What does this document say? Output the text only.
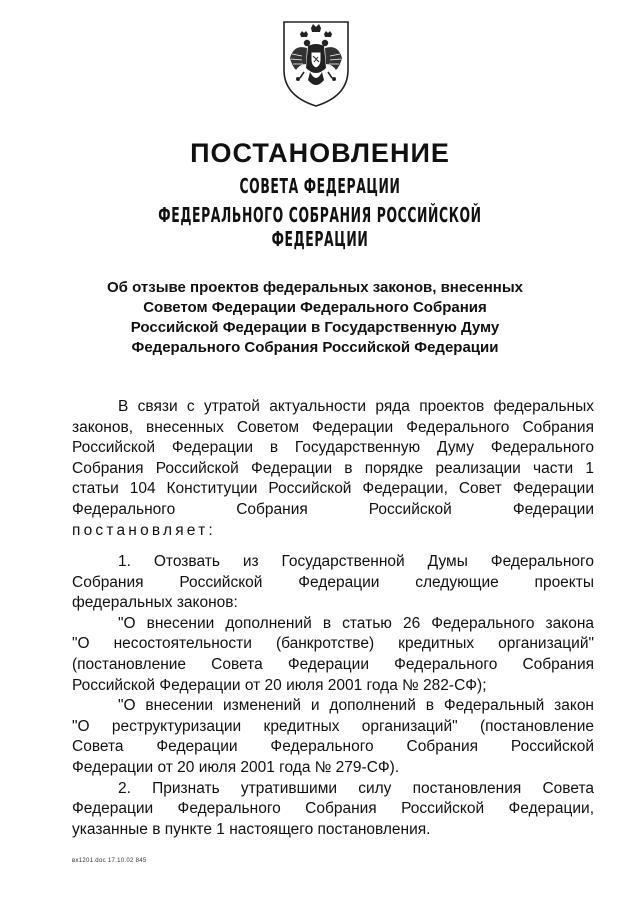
ПОСТАНОВЛЕНИЕ
СОВЕТА ФЕДЕРАЦИИ
ФЕДЕРАЛЬНОГО СОБРАНИЯ РОССИЙСКОЙ ФЕДЕРАЦИИ
Об отзыве проектов федеральных законов, внесенных
Советом Федерации Федерального Собрания
Российской Федерации в Государственную Думу
Федерального Собрания Российской Федерации
В связи с утратой актуальности ряда проектов федеральных
законов, внесенных Советом Федерации Федерального Собрания
Российской Федерации в Государственную Думу Федерального
Собрания Российской Федерации в порядке реализации части 1
статьи 104 Конституции Российской Федерации, Совет Федерации
Федерального Собрания Российской Федерации
постановляет:
1. Отозвать из Государственной Думы Федерального
Собрания Российской Федерации следующие проекты
федеральных законов:
"О внесении дополнений в статью 26 Федерального закона
"О несостоятельности (банкротстве) кредитных организаций"
(постановление Совета Федерации Федерального Собрания
Российской Федерации от 20 июля 2001 года № 282-СФ);
"О внесении изменений и дополнений в Федеральный закон
"О реструктуризации кредитных организаций" (постановление
Совета Федерации Федерального Собрания Российской
Федерации от 20 июля 2001 года № 279-СФ).
2. Признать утратившими силу постановления Совета
Федерации Федерального Собрания Российской Федерации,
указанные в пункте 1 настоящего постановления.
вх1201.doc 17.10.02 845
